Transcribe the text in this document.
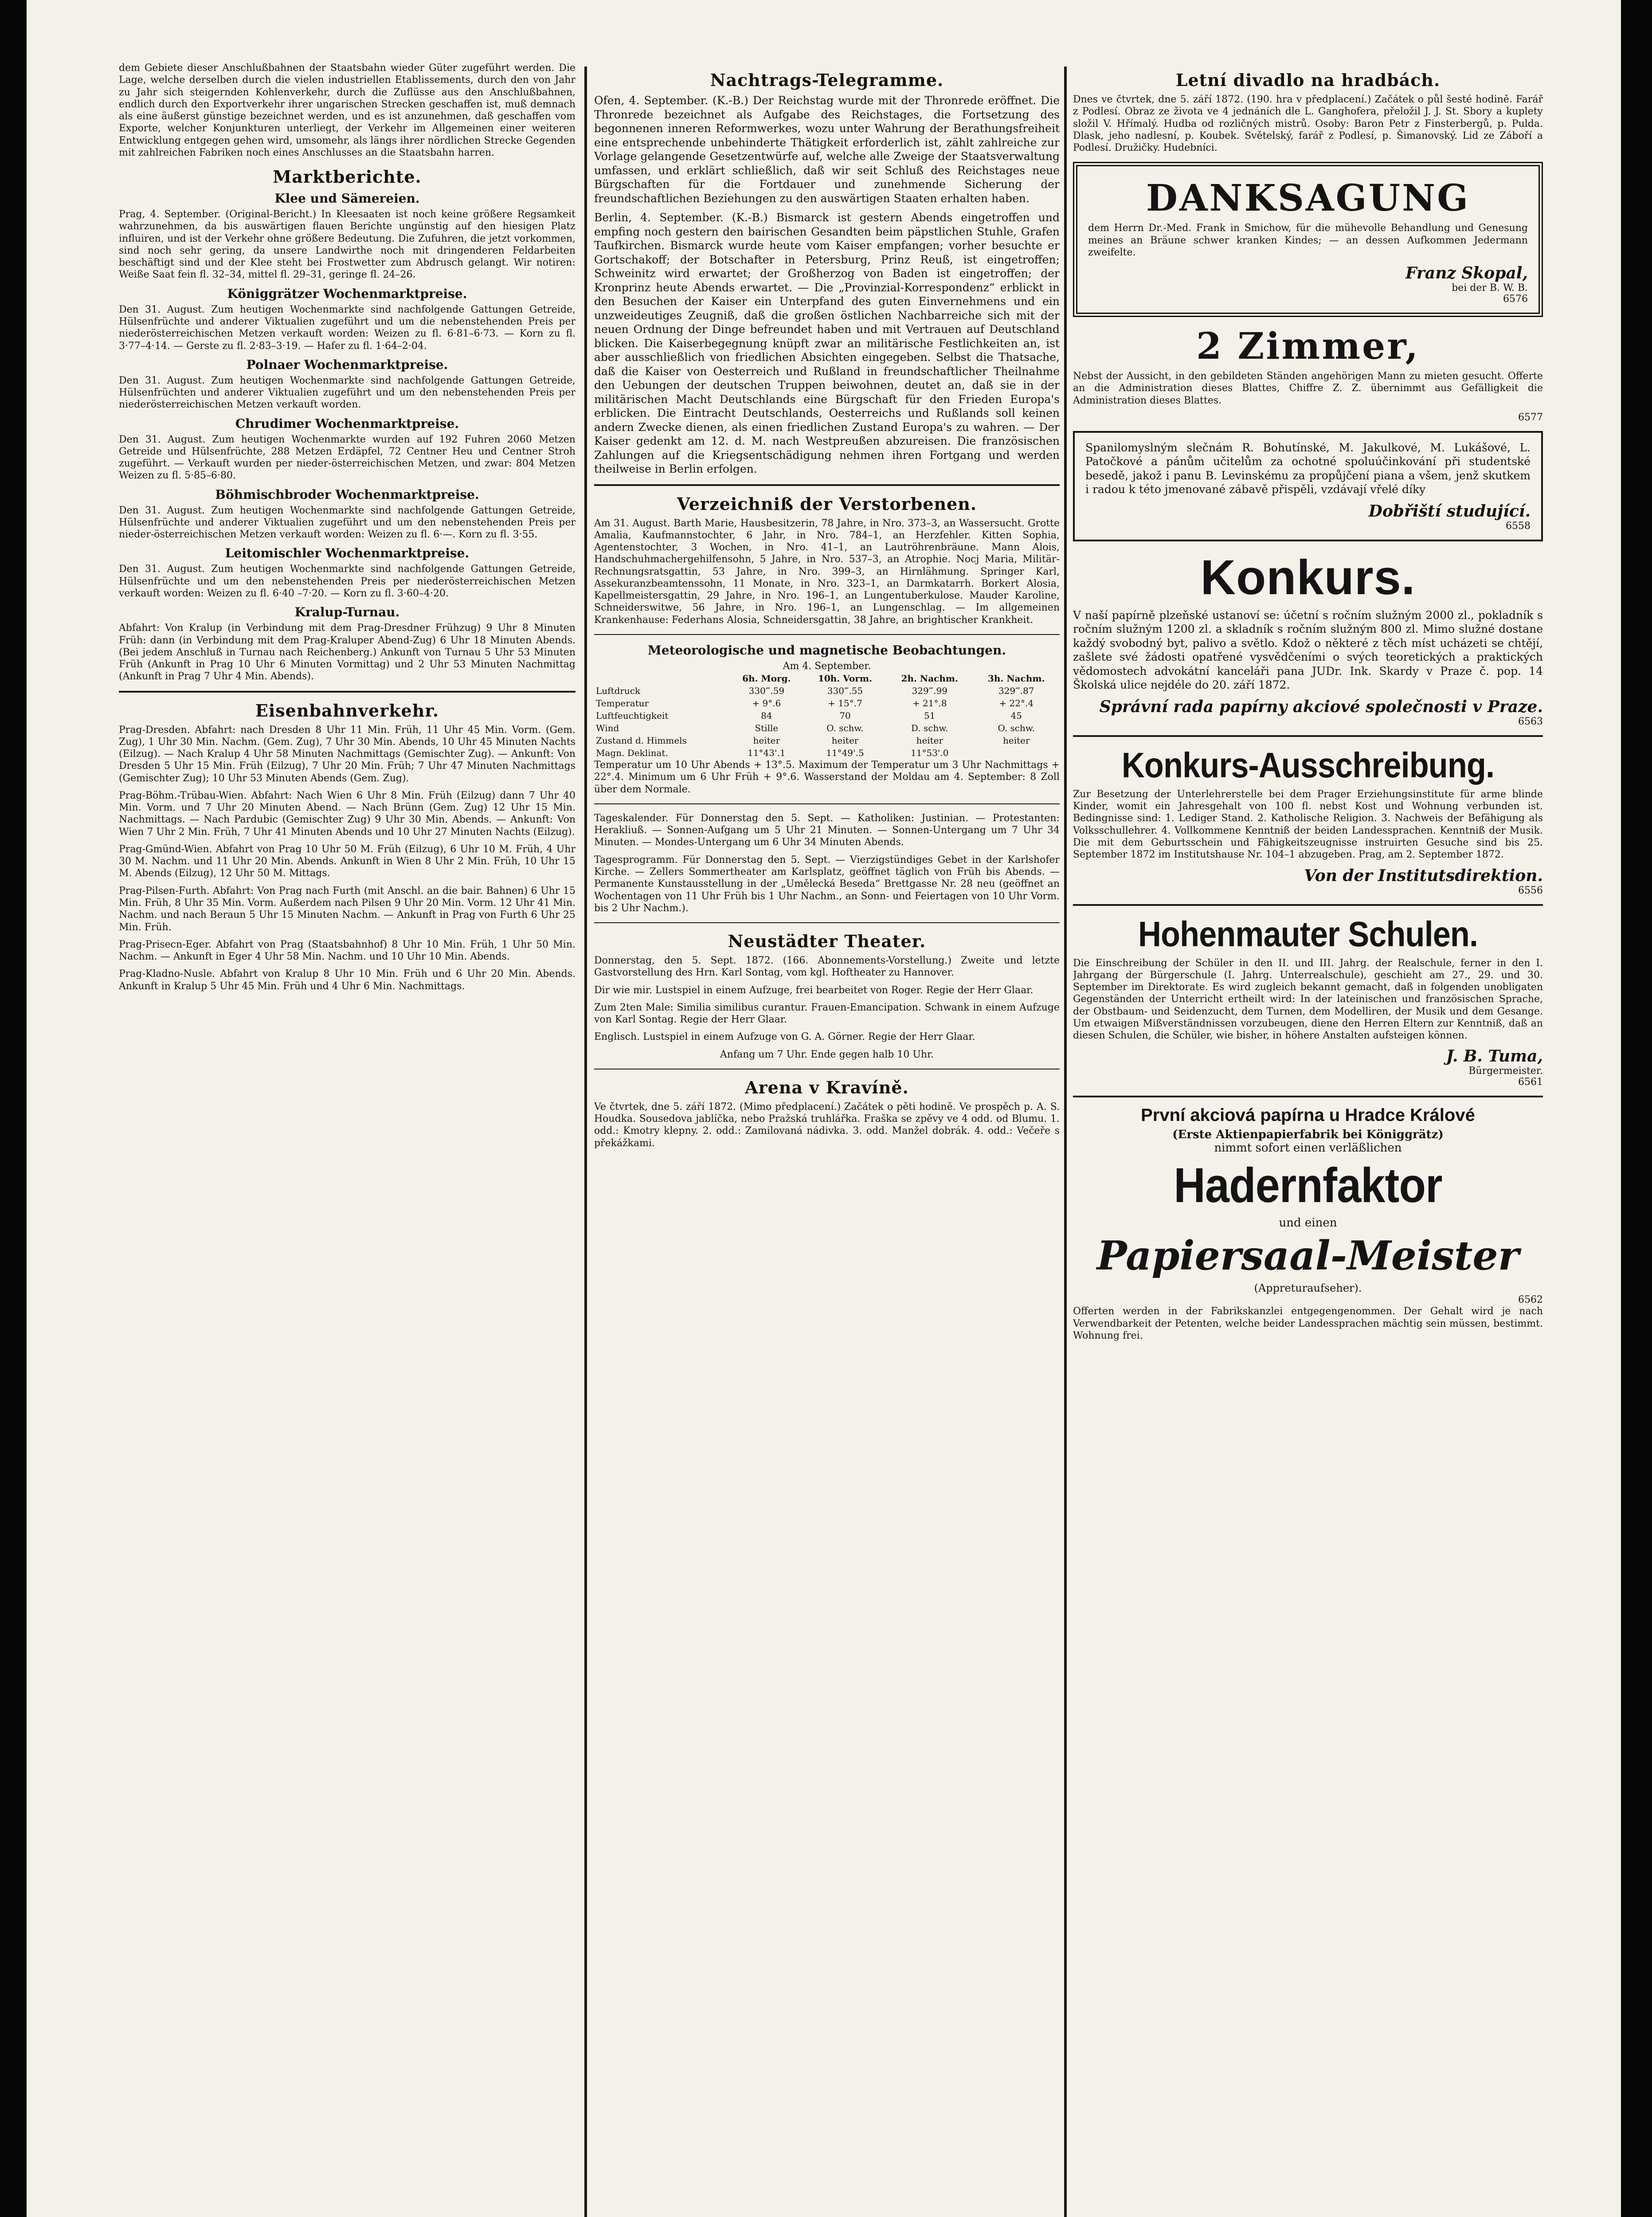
dem Gebiete dieser Anschlußbahnen der Staatsbahn wieder Güter zugeführt werden. Die Lage, welche derselben durch die vielen industriellen Etablissements, durch den von Jahr zu Jahr sich steigernden Kohlenverkehr, durch die Zuflüsse aus den Anschlußbahnen, endlich durch den Exportverkehr ihrer ungarischen Strecken geschaffen ist, muß demnach als eine äußerst günstige bezeichnet werden, und es ist anzunehmen, daß geschaffen vom Exporte, welcher Konjunkturen unterliegt, der Verkehr im Allgemeinen einer weiteren Entwicklung entgegen gehen wird, umsomehr, als längs ihrer nördlichen Strecke Gegenden mit zahlreichen Fabriken noch eines Anschlusses an die Staatsbahn harren.

Marktberichte.
Klee und Sämereien.

Prag, 4. September. (Original-Bericht.) In Kleesaaten ist noch keine größere Regsamkeit wahrzunehmen, da bis auswärtigen flauen Berichte ungünstig auf den hiesigen Platz influiren, und ist der Verkehr ohne größere Bedeutung. Die Zufuhren, die jetzt vorkommen, sind noch sehr gering, da unsere Landwirthe noch mit dringenderen Feldarbeiten beschäftigt sind und der Klee steht bei Frostwetter zum Abdrusch gelangt. Wir notiren: Weiße Saat fein fl. 32–34, mittel fl. 29–31, geringe fl. 24–26.

Königgrätzer Wochenmarktpreise.

Den 31. August. Zum heutigen Wochenmarkte sind nachfolgende Gattungen Getreide, Hülsenfrüchte und anderer Viktualien zugeführt und um die nebenstehenden Preis per niederösterreichischen Metzen verkauft worden: Weizen zu fl. 6·81–6·73. — Korn zu fl. 3·77–4·14. — Gerste zu fl. 2·83–3·19. — Hafer zu fl. 1·64–2·04.

Polnaer Wochenmarktpreise.

Den 31. August. Zum heutigen Wochenmarkte sind nachfolgende Gattungen Getreide, Hülsenfrüchten und anderer Viktualien zugeführt und um den nebenstehenden Preis per niederösterreichischen Metzen verkauft worden.

Chrudimer Wochenmarktpreise.

Den 31. August. Zum heutigen Wochenmarkte wurden auf 192 Fuhren 2060 Metzen Getreide und Hülsenfrüchte, 288 Metzen Erdäpfel, 72 Centner Heu und Centner Stroh zugeführt. — Verkauft wurden per nieder-österreichischen Metzen, und zwar: 804 Metzen Weizen zu fl. 5·85–6·80.

Böhmischbroder Wochenmarktpreise.

Den 31. August. Zum heutigen Wochenmarkte sind nachfolgende Gattungen Getreide, Hülsenfrüchte und anderer Viktualien zugeführt und um den nebenstehenden Preis per nieder-österreichischen Metzen verkauft worden: Weizen zu fl. 6·—. Korn zu fl. 3·55.

Leitomischler Wochenmarktpreise.

Den 31. August. Zum heutigen Wochenmarkte sind nachfolgende Gattungen Getreide, Hülsenfrüchte und um den nebenstehenden Preis per niederösterreichischen Metzen verkauft worden: Weizen zu fl. 6·40 –7·20. — Korn zu fl. 3·60–4·20.

Kralup-Turnau.

Abfahrt: Von Kralup (in Verbindung mit dem Prag-Dresdner Frühzug) 9 Uhr 8 Minuten Früh: dann (in Verbindung mit dem Prag-Kraluper Abend-Zug) 6 Uhr 18 Minuten Abends. (Bei jedem Anschluß in Turnau nach Reichenberg.) Ankunft von Turnau 5 Uhr 53 Minuten Früh (Ankunft in Prag 10 Uhr 6 Minuten Vormittag) und 2 Uhr 53 Minuten Nachmittag (Ankunft in Prag 7 Uhr 4 Min. Abends).

Eisenbahnverkehr.

Prag-Dresden. Abfahrt: nach Dresden 8 Uhr 11 Min. Früh, 11 Uhr 45 Min. Vorm. (Gem. Zug), 1 Uhr 30 Min. Nachm. (Gem. Zug), 7 Uhr 30 Min. Abends, 10 Uhr 45 Minuten Nachts (Eilzug). — Nach Kralup 4 Uhr 58 Minuten Nachmittags (Gemischter Zug). — Ankunft: Von Dresden 5 Uhr 15 Min. Früh (Eilzug), 7 Uhr 20 Min. Früh; 7 Uhr 47 Minuten Nachmittags (Gemischter Zug); 10 Uhr 53 Minuten Abends (Gem. Zug).

Prag-Böhm.-Trübau-Wien. Abfahrt: Nach Wien 6 Uhr 8 Min. Früh (Eilzug) dann 7 Uhr 40 Min. Vorm. und 7 Uhr 20 Minuten Abend. — Nach Brünn (Gem. Zug) 12 Uhr 15 Min. Nachmittags. — Nach Pardubic (Gemischter Zug) 9 Uhr 30 Min. Abends. — Ankunft: Von Wien 7 Uhr 2 Min. Früh, 7 Uhr 41 Minuten Abends und 10 Uhr 27 Minuten Nachts (Eilzug).

Prag-Gmünd-Wien. Abfahrt von Prag 10 Uhr 50 M. Früh (Eilzug), 6 Uhr 10 M. Früh, 4 Uhr 30 M. Nachm. und 11 Uhr 20 Min. Abends. Ankunft in Wien 8 Uhr 2 Min. Früh, 10 Uhr 15 M. Abends (Eilzug), 12 Uhr 50 M. Mittags.

Prag-Pilsen-Furth. Abfahrt: Von Prag nach Furth (mit Anschl. an die bair. Bahnen) 6 Uhr 15 Min. Früh, 8 Uhr 35 Min. Vorm. Außerdem nach Pilsen 9 Uhr 20 Min. Vorm. 12 Uhr 41 Min. Nachm. und nach Beraun 5 Uhr 15 Minuten Nachm. — Ankunft in Prag von Furth 6 Uhr 25 Min. Früh.

Prag-Prisecn-Eger. Abfahrt von Prag (Staatsbahnhof) 8 Uhr 10 Min. Früh, 1 Uhr 50 Min. Nachm. — Ankunft in Eger 4 Uhr 58 Min. Nachm. und 10 Uhr 10 Min. Abends.

Prag-Kladno-Nusle. Abfahrt von Kralup 8 Uhr 10 Min. Früh und 6 Uhr 20 Min. Abends. Ankunft in Kralup 5 Uhr 45 Min. Früh und 4 Uhr 6 Min. Nachmittags.

Nachtrags-Telegramme.

Ofen, 4. September. (K.-B.) Der Reichstag wurde mit der Thronrede eröffnet. Die Thronrede bezeichnet als Aufgabe des Reichstages, die Fortsetzung des begonnenen inneren Reformwerkes, wozu unter Wahrung der Berathungsfreiheit eine entsprechende unbehinderte Thätigkeit erforderlich ist, zählt zahlreiche zur Vorlage gelangende Gesetzentwürfe auf, welche alle Zweige der Staatsverwaltung umfassen, und erklärt schließlich, daß wir seit Schluß des Reichstages neue Bürgschaften für die Fortdauer und zunehmende Sicherung der freundschaftlichen Beziehungen zu den auswärtigen Staaten erhalten haben.

Berlin, 4. September. (K.-B.) Bismarck ist gestern Abends eingetroffen und empfing noch gestern den bairischen Gesandten beim päpstlichen Stuhle, Grafen Taufkirchen. Bismarck wurde heute vom Kaiser empfangen; vorher besuchte er Gortschakoff; der Botschafter in Petersburg, Prinz Reuß, ist eingetroffen; Schweinitz wird erwartet; der Großherzog von Baden ist eingetroffen; der Kronprinz heute Abends erwartet. — Die „Provinzial-Korrespondenz“ erblickt in den Besuchen der Kaiser ein Unterpfand des guten Einvernehmens und ein unzweideutiges Zeugniß, daß die großen östlichen Nachbarreiche sich mit der neuen Ordnung der Dinge befreundet haben und mit Vertrauen auf Deutschland blicken. Die Kaiserbegegnung knüpft zwar an militärische Festlichkeiten an, ist aber ausschließlich von friedlichen Absichten eingegeben. Selbst die Thatsache, daß die Kaiser von Oesterreich und Rußland in freundschaftlicher Theilnahme den Uebungen der deutschen Truppen beiwohnen, deutet an, daß sie in der militärischen Macht Deutschlands eine Bürgschaft für den Frieden Europa's erblicken. Die Eintracht Deutschlands, Oesterreichs und Rußlands soll keinen andern Zwecke dienen, als einen friedlichen Zustand Europa's zu wahren. — Der Kaiser gedenkt am 12. d. M. nach Westpreußen abzureisen. Die französischen Zahlungen auf die Kriegsentschädigung nehmen ihren Fortgang und werden theilweise in Berlin erfolgen.

Verzeichniß der Verstorbenen.

Am 31. August. Barth Marie, Hausbesitzerin, 78 Jahre, in Nro. 373–3, an Wassersucht. Grotte Amalia, Kaufmannstochter, 6 Jahr, in Nro. 784–1, an Herzfehler. Kitten Sophia, Agentenstochter, 3 Wochen, in Nro. 41–1, an Lautröhrenbräune. Mann Alois, Handschuhmachergehilfensohn, 5 Jahre, in Nro. 537–3, an Atrophie. Nocj Maria, Militär-Rechnungsratsgattin, 53 Jahre, in Nro. 399–3, an Hirnlähmung. Springer Karl, Assekuranzbeamtenssohn, 11 Monate, in Nro. 323–1, an Darmkatarrh. Borkert Alosia, Kapellmeistersgattin, 29 Jahre, in Nro. 196–1, an Lungentuberkulose. Mauder Karoline, Schneiderswitwe, 56 Jahre, in Nro. 196–1, an Lungenschlag. — Im allgemeinen Krankenhause: Federhans Alosia, Schneidersgattin, 38 Jahre, an brightischer Krankheit.

Meteorologische und magnetische Beobachtungen.
Am 4. September.
	6h. Morg.	10h. Vorm.	2h. Nachm.	3h. Nachm.
Luftdruck	330‴.59	330‴.55	329‴.99	329‴.87
Temperatur	+ 9°.6	+ 15°.7	+ 21°.8	+ 22°.4
Luftfeuchtigkeit	84	70	51	45
Wind	Stille	O. schw.	D. schw.	O. schw.
Zustand d. Himmels	heiter	heiter	heiter	heiter
Magn. Deklinat.	11°43'.1	11°49'.5	11°53'.0	

Temperatur um 10 Uhr Abends + 13°.5. Maximum der Temperatur um 3 Uhr Nachmittags + 22°.4. Minimum um 6 Uhr Früh + 9°.6. Wasserstand der Moldau am 4. September: 8 Zoll über dem Normale.

Tageskalender. Für Donnerstag den 5. Sept. — Katholiken: Justinian. — Protestanten: Herakliuß. — Sonnen-Aufgang um 5 Uhr 21 Minuten. — Sonnen-Untergang um 7 Uhr 34 Minuten. — Mondes-Untergang um 6 Uhr 34 Minuten Abends.

Tagesprogramm. Für Donnerstag den 5. Sept. — Vierzigstündiges Gebet in der Karlshofer Kirche. — Zellers Sommertheater am Karlsplatz, geöffnet täglich von Früh bis Abends. — Permanente Kunstausstellung in der „Umělecká Beseda“ Brettgasse Nr. 28 neu (geöffnet an Wochentagen von 11 Uhr Früh bis 1 Uhr Nachm., an Sonn- und Feiertagen von 10 Uhr Vorm. bis 2 Uhr Nachm.).

Neustädter Theater.

Donnerstag, den 5. Sept. 1872. (166. Abonnements-Vorstellung.) Zweite und letzte Gastvorstellung des Hrn. Karl Sontag, vom kgl. Hoftheater zu Hannover.

Dir wie mir. Lustspiel in einem Aufzuge, frei bearbeitet von Roger. Regie der Herr Glaar.

Zum 2ten Male: Similia similibus curantur. Frauen-Emancipation. Schwank in einem Aufzuge von Karl Sontag. Regie der Herr Glaar.

Englisch. Lustspiel in einem Aufzuge von G. A. Görner. Regie der Herr Glaar.

Anfang um 7 Uhr. Ende gegen halb 10 Uhr.

Arena v Kravíně.

Ve čtvrtek, dne 5. září 1872. (Mimo předplacení.) Začátek o pěti hodině. Ve prospěch p. A. S. Houdka. Sousedova jablíčka, nebo Pražská truhlářka. Fraška se zpěvy ve 4 odd. od Blumu. 1. odd.: Kmotry klepny. 2. odd.: Zamilovaná nádivka. 3. odd. Manžel dobrák. 4. odd.: Večeře s překážkami.

Letní divadlo na hradbách.

Dnes ve čtvrtek, dne 5. září 1872. (190. hra v předplacení.) Začátek o půl šesté hodině. Farář z Podlesí. Obraz ze života ve 4 jednáních dle L. Ganghofera, přeložil J. J. St. Sbory a kuplety složil V. Hřímalý. Hudba od rozličných mistrů. Osoby: Baron Petr z Finsterbergů, p. Pulda. Dlask, jeho nadlesní, p. Koubek. Světelský, farář z Podlesí, p. Šimanovský. Lid ze Záboří a Podlesí. Družičky. Hudebníci.

DANKSAGUNG

dem Herrn Dr.-Med. Frank in Smichow, für die mühevolle Behandlung und Genesung meines an Bräune schwer kranken Kindes; — an dessen Aufkommen Jedermann zweifelte.

Franz Skopal,
bei der B. W. B.
6576
2 Zimmer,

Nebst der Aussicht, in den gebildeten Ständen angehörigen Mann zu mieten gesucht. Offerte an die Administration dieses Blattes, Chiffre Z. Z. übernimmt aus Gefälligkeit die Administration dieses Blattes.

6577

Spanilomyslným slečnám R. Bohutínské, M. Jakulkové, M. Lukášové, L. Patočkové a pánům učitelům za ochotné spoluúčinkování při studentské besedě, jakož i panu B. Levinskému za propůjčení piana a všem, jenž skutkem i radou k této jmenované zábavě přispěli, vzdávají vřelé díky

Dobřiští studující.
6558
Konkurs.

V naší papírně plzeňské ustanoví se: účetní s ročním služným 2000 zl., pokladník s ročním služným 1200 zl. a skladník s ročním služným 800 zl. Mimo služné dostane každý svobodný byt, palivo a světlo. Kdož o některé z těch míst ucházeti se chtějí, zašlete své žádosti opatřené vysvědčeními o svých teoretických a praktických vědomostech advokátní kanceláři pana JUDr. Ink. Skardy v Praze č. pop. 14 Školská ulice nejdéle do 20. září 1872.

Správní rada papírny akciové společnosti v Praze.
6563
Konkurs-Ausschreibung.

Zur Besetzung der Unterlehrerstelle bei dem Prager Erziehungsinstitute für arme blinde Kinder, womit ein Jahresgehalt von 100 fl. nebst Kost und Wohnung verbunden ist. Bedingnisse sind: 1. Lediger Stand. 2. Katholische Religion. 3. Nachweis der Befähigung als Volksschullehrer. 4. Vollkommene Kenntniß der beiden Landessprachen. Kenntniß der Musik. Die mit dem Geburtsschein und Fähigkeitszeugnisse instruirten Gesuche sind bis 25. September 1872 im Institutshause Nr. 104–1 abzugeben. Prag, am 2. September 1872.

Von der Institutsdirektion.
6556
Hohenmauter Schulen.

Die Einschreibung der Schüler in den II. und III. Jahrg. der Realschule, ferner in den I. Jahrgang der Bürgerschule (I. Jahrg. Unterrealschule), geschieht am 27., 29. und 30. September im Direktorate. Es wird zugleich bekannt gemacht, daß in folgenden unobligaten Gegenständen der Unterricht ertheilt wird: In der lateinischen und französischen Sprache, der Obstbaum- und Seidenzucht, dem Turnen, dem Modelliren, der Musik und dem Gesange. Um etwaigen Mißverständnissen vorzubeugen, diene den Herren Eltern zur Kenntniß, daß an diesen Schulen, die Schüler, wie bisher, in höhere Anstalten aufsteigen können.

J. B. Tuma,
Bürgermeister.
6561
První akciová papírna u Hradce Králové
(Erste Aktienpapierfabrik bei Königgrätz)
nimmt sofort einen verläßlichen
Hadernfaktor
und einen
Papiersaal-Meister
(Appreturaufseher).
6562

Offerten werden in der Fabrikskanzlei entgegengenommen. Der Gehalt wird je nach Verwendbarkeit der Petenten, welche beider Landessprachen mächtig sein müssen, bestimmt. Wohnung frei.
